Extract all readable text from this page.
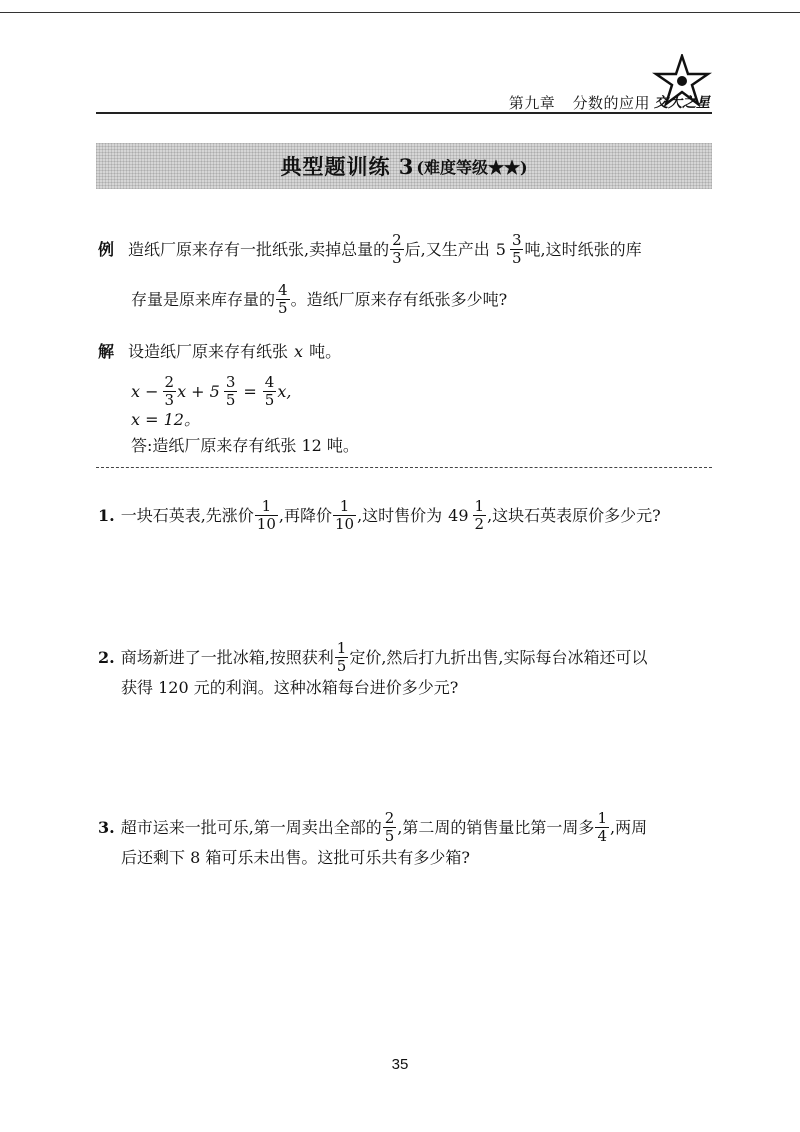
第九章 分数的应用 交大之星
典型题训练 3 (难度等级★★)
例 造纸厂原来存有一批纸张,卖掉总量的 $\frac{2}{3}$ 后,又生产出 $5 \frac{3}{5}$ 吨,这时纸张的库
存量是原来库存量的 $\frac{4}{5}$ 。造纸厂原来存有纸张多少吨?
解 设造纸厂原来存有纸张 x 吨。
$x - \frac{2}{3}$ $x + 5 \frac{3}{5} = \frac{4}{5} x$,
x = 12。
答:造纸厂原来存有纸张 12 吨。
1. 一块石英表,先涨价 $\frac{1}{10}$ ,再降价 $\frac{1}{10}$ ,这时售价为 $49 \frac{1}{2}$ ,这块石英表原价多少元?
2. 商场新进了一批冰箱,按照获利 $\frac{1}{5}$ 定价,然后打九折出售,实际每台冰箱还可以
获得 120 元的利润。这种冰箱每台进价多少元?
3. 超市运来一批可乐,第一周卖出全部的 $\frac{2}{5}$ ,第二周的销售量比第一周多 $\frac{1}{4}$ ,两周
后还剩下 8 箱可乐未出售。这批可乐共有多少箱?
35
